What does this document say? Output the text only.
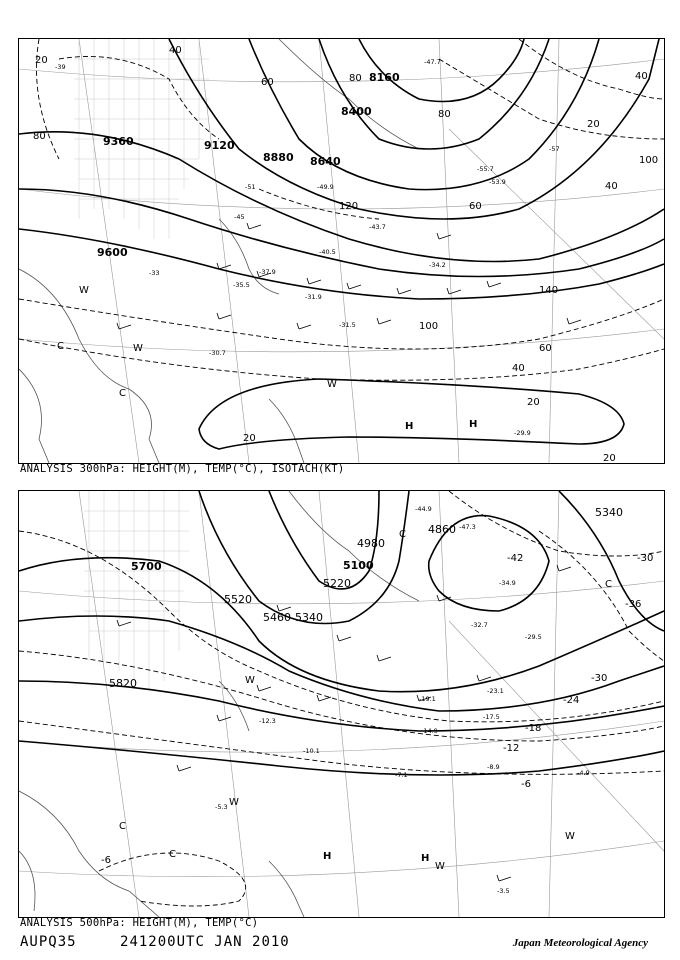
9360	9120
8880 8640
8400
8160
9600
20
40
60	80
100
120
140
80
60
40
20
40
60
80
100
20
40
20
20
-39
-45
-49.9
-51
-53.9
-55.7
-57
-47.7
-43.7
-40.5
-37.9
-34.2
-33
-31.5
-30.7
-29.9
-31.9
-35.5
W
C	W
C
W
H	H
ANALYSIS 300hPa: HEIGHT(M), TEMP(°C), ISOTACH(KT)
5700
5520
5460 5340
5220
5100
4980
4860
5340
5820
-42
-36
-30
-24
-18
-12
-6
-30
-6
-44.9
-47.3
-34.9
-32.7
-29.5
-23.1
-19.1
-17.5
-14.9
-12.3
-10.1
-8.9
-7.1
-5.3
-4.9
-3.5
C
C
W
C
C
W
H	H
W
W
ANALYSIS 500hPa: HEIGHT(M), TEMP(°C)
AUPQ35	241200UTC JAN 2010	Japan Meteorological Agency
